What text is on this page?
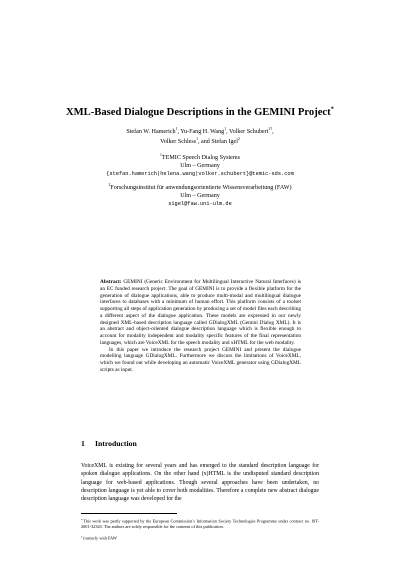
XML-Based Dialogue Descriptions in the GEMINI Project*
Stefan W. Hamerich$^1$, Yu-Fang H. Wang$^1$, Volker Schubert$^{1\dagger}$,
Volker Schless$^1$, and Stefan Igel$^2$
$^1$TEMIC Speech Dialog Systems
Ulm – Germany
{stefan.hamerich|helena.wang|volker.schubert}@temic-sds.com
$^2$Forschungsinstitut für anwendungsorientierte Wissensverarbeitung (FAW)
Ulm – Germany
sigel@faw.uni-ulm.de

Abstract: GEMINI (Generic Environment for Multilingual Interactive Natural Interfaces) is an EC funded research project. The goal of GEMINI is to provide a flexible platform for the generation of dialogue applications, able to produce multi-modal and multilingual dialogue interfaces to databases with a minimum of human effort. This platform consists of a toolset supporting all steps of application generation by producing a set of model files each describing a different aspect of the dialogue application. These models are expressed in our newly designed XML-based description language called GDialogXML (Gemini Dialog XML). It is an abstract and object-oriented dialogue description language which is flexible enough to account for modality independent and modality specific features of the final representation languages, which are VoiceXML for the speech modality and xHTML for the web modality.

In this paper we introduce the research project GEMINI and present the dialogue modelling language GDialogXML. Furthermore we discuss the limitations of VoiceXML, which we found out while developing an automatic VoiceXML generator using GDialogXML scripts as input.

1 Introduction

VoiceXML is existing for several years and has emerged to the standard description language for spoken dialogue applications. On the other hand (x)HTML is the undisputed standard description language for web-based applications. Though several approaches have been undertaken, no description language is yet able to cover both modalities. Therefore a complete new abstract dialogue description language was developed for the

*This work was partly supported by the European Commission’s Information Society Technologies Programme under contract no. IST-2001-32343. The authors are solely responsible for the contents of this publication.
†formerly with FAW
